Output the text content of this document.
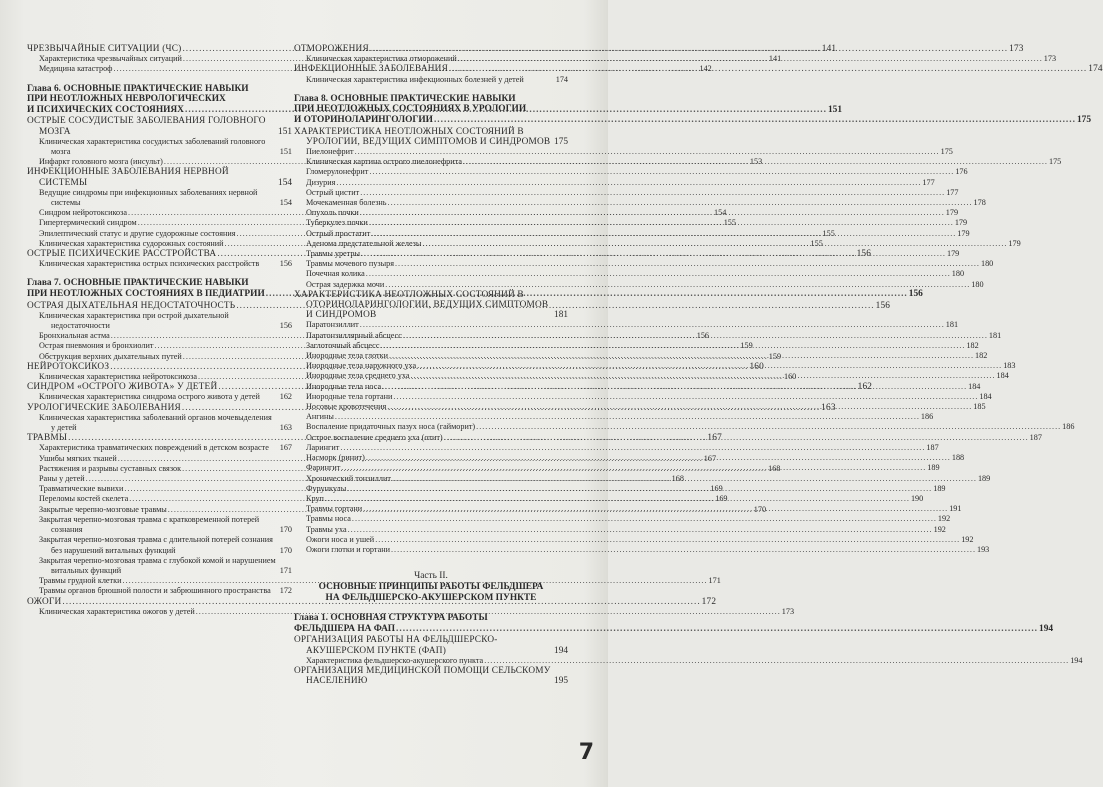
ЧРЕЗВЫЧАЙНЫЕ СИТУАЦИИ (ЧС) .....	141
Характеристика чрезвычайных ситуаций .....	141
Медицина катастроф .....	142
Глава 6. ОСНОВНЫЕ ПРАКТИЧЕСКИЕ НАВЫКИ
ПРИ НЕОТЛОЖНЫХ НЕВРОЛОГИЧЕСКИХ
И ПСИХИЧЕСКИХ СОСТОЯНИЯХ .....	151
ОСТРЫЕ СОСУДИСТЫЕ ЗАБОЛЕВАНИЯ ГОЛОВНОГО МОЗГА	151
Клиническая характеристика сосудистых заболеваний головного мозга	151
Инфаркт головного мозга (инсульт) .....	153
ИНФЕКЦИОННЫЕ ЗАБОЛЕВАНИЯ НЕРВНОЙ СИСТЕМЫ	154
Ведущие синдромы при инфекционных заболеваниях нервной системы	154
Синдром нейротоксикоза .....	154
Гипертермический синдром .....	155
Эпилептический статус и другие судорожные состояния .....	155
Клиническая характеристика судорожных состояний .....	155
ОСТРЫЕ ПСИХИЧЕСКИЕ РАССТРОЙСТВА .....	156
Клиническая характеристика острых психических расстройств	156
Глава 7. ОСНОВНЫЕ ПРАКТИЧЕСКИЕ НАВЫКИ
ПРИ НЕОТЛОЖНЫХ СОСТОЯНИЯХ В ПЕДИАТРИИ .....	156
ОСТРАЯ ДЫХАТЕЛЬНАЯ НЕДОСТАТОЧНОСТЬ .....	156
Клиническая характеристика при острой дыхательной недостаточности	156
Бронхиальная астма .....	156
Острая пневмония и бронхиолит .....	159
Обструкция верхних дыхательных путей .....	159
НЕЙРОТОКСИКОЗ .....	160
Клиническая характеристика нейротоксикоза .....	160
СИНДРОМ «ОСТРОГО ЖИВОТА» У ДЕТЕЙ .....	162
Клиническая характеристика синдрома острого живота у детей	162
УРОЛОГИЧЕСКИЕ ЗАБОЛЕВАНИЯ .....	163
Клиническая характеристика заболеваний органов мочевыделения у детей	163
ТРАВМЫ .....	167
Характеристика травматических повреждений в детском возрасте	167
Ушибы мягких тканей .....	167
Растяжения и разрывы суставных связок .....	168
Раны у детей .....	168
Травматические вывихи .....	169
Переломы костей скелета .....	169
Закрытые черепно-мозговые травмы .....	170
Закрытая черепно-мозговая травма с кратковременной потерей сознания	170
Закрытая черепно-мозговая травма с длительной потерей сознания без нарушений витальных функций	170
Закрытая черепно-мозговая травма с глубокой комой и нарушением витальных функций	171
Травмы грудной клетки .....	171
Травмы органов брюшной полости и забрюшинного пространства	172
ОЖОГИ .....	172
Клиническая характеристика ожогов у детей .....	173
ОТМОРОЖЕНИЯ .....	173
Клиническая характеристика отморожений .....	173
ИНФЕКЦИОННЫЕ ЗАБОЛЕВАНИЯ .....	174
Клиническая характеристика инфекционных болезней у детей	174
Глава 8. ОСНОВНЫЕ ПРАКТИЧЕСКИЕ НАВЫКИ
ПРИ НЕОТЛОЖНЫХ СОСТОЯНИЯХ В УРОЛОГИИ
И ОТОРИНОЛАРИНГОЛОГИИ .....	175
ХАРАКТЕРИСТИКА НЕОТЛОЖНЫХ СОСТОЯНИЙ В УРОЛОГИИ, ВЕДУЩИХ СИМПТОМОВ И СИНДРОМОВ 175
Пиелонефрит .....	175
Клиническая картина острого пиелонефрита .....	175
Гломерулонефрит .....	176
Дизурия .....	177
Острый цистит .....	177
Мочекаменная болезнь .....	178
Опухоль почки .....	179
Туберкулез почки .....	179
Острый простатит .....	179
Аденома предстательной железы .....	179
Травмы уретры .....	179
Травмы мочевого пузыря .....	180
Почечная колика .....	180
Острая задержка мочи .....	180
ХАРАКТЕРИСТИКА НЕОТЛОЖНЫХ СОСТОЯНИЙ В ОТОРИНОЛАРИНГОЛОГИИ, ВЕДУЩИХ СИМПТОМОВ И СИНДРОМОВ	181
Паратонзиллит .....	181
Паратонзиллярный абсцесс .....	181
Заглоточный абсцесс .....	182
Инородные тела глотки .....	182
Инородные тела наружного уха .....	183
Инородные тела среднего уха .....	184
Инородные тела носа .....	184
Инородные тела гортани .....	184
Носовые кровотечения .....	185
Ангины .....	186
Воспаление придаточных пазух носа (гайморит) .....	186
Острое воспаление среднего уха (отит) .....	187
Ларингит .....	187
Насморк (ринит) .....	188
Фарингит .....	189
Хронический тонзиллит .....	189
Фурункулы .....	189
Круп .....	190
Травмы гортани .....	191
Травмы носа .....	192
Травмы уха .....	192
Ожоги носа и ушей .....	192
Ожоги глотки и гортани .....	193
Часть II.
ОСНОВНЫЕ ПРИНЦИПЫ РАБОТЫ ФЕЛЬДШЕРА
НА ФЕЛЬДШЕРСКО-АКУШЕРСКОМ ПУНКТЕ
Глава 1. ОСНОВНАЯ СТРУКТУРА РАБОТЫ
ФЕЛЬДШЕРА НА ФАП .....	194
ОРГАНИЗАЦИЯ РАБОТЫ НА ФЕЛЬДШЕРСКО-АКУШЕРСКОМ ПУНКТЕ (ФАП)	194
Характеристика фельдшерско-акушерского пункта .....	194
ОРГАНИЗАЦИЯ МЕДИЦИНСКОЙ ПОМОЩИ СЕЛЬСКОМУ НАСЕЛЕНИЮ	195
7
